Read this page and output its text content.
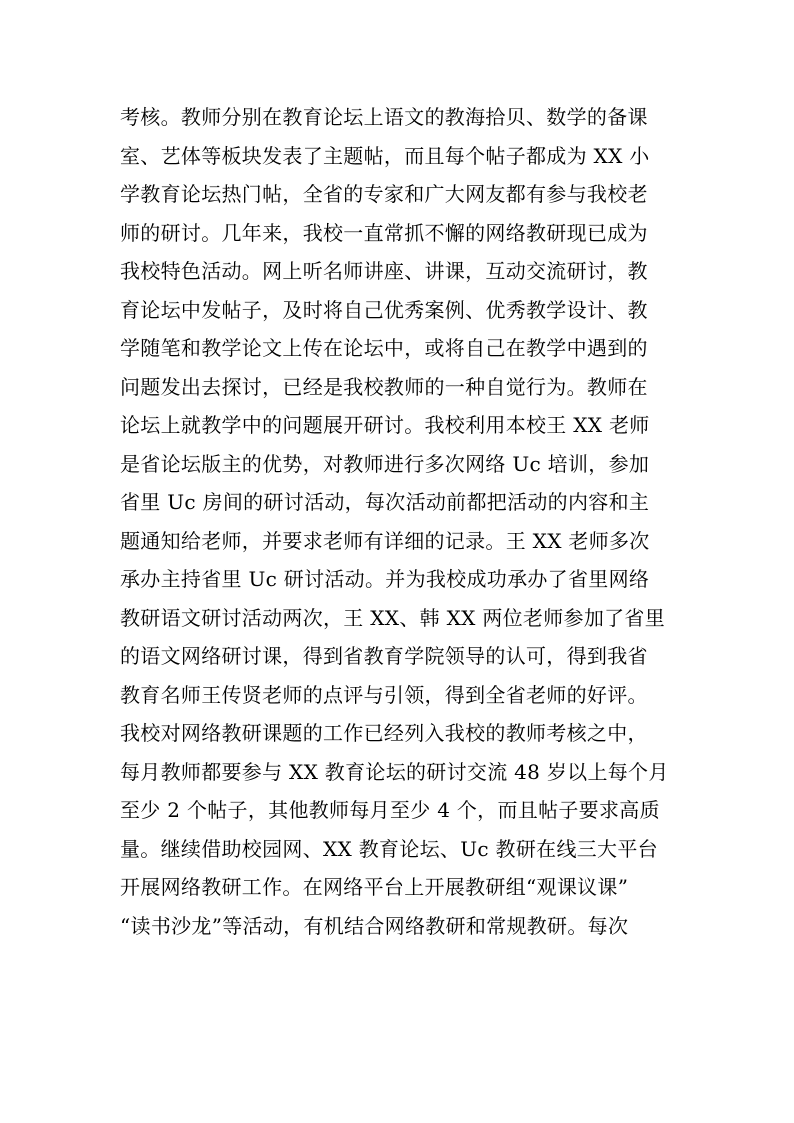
考核。教师分别在教育论坛上语文的教海拾贝、数学的备课
室、艺体等板块发表了主题帖，而且每个帖子都成为 XX 小
学教育论坛热门帖，全省的专家和广大网友都有参与我校老
师的研讨。几年来，我校一直常抓不懈的网络教研现已成为
我校特色活动。网上听名师讲座、讲课，互动交流研讨，教
育论坛中发帖子，及时将自己优秀案例、优秀教学设计、教
学随笔和教学论文上传在论坛中，或将自己在教学中遇到的
问题发出去探讨，已经是我校教师的一种自觉行为。教师在
论坛上就教学中的问题展开研讨。我校利用本校王 XX 老师
是省论坛版主的优势，对教师进行多次网络 Uc 培训，参加
省里 Uc 房间的研讨活动，每次活动前都把活动的内容和主
题通知给老师，并要求老师有详细的记录。王 XX 老师多次
承办主持省里 Uc 研讨活动。并为我校成功承办了省里网络
教研语文研讨活动两次，王 XX、韩 XX 两位老师参加了省里
的语文网络研讨课，得到省教育学院领导的认可，得到我省
教育名师王传贤老师的点评与引领，得到全省老师的好评。
我校对网络教研课题的工作已经列入我校的教师考核之中，
每月教师都要参与 XX 教育论坛的研讨交流 48 岁以上每个月
至少 2 个帖子，其他教师每月至少 4 个，而且帖子要求高质
量。继续借助校园网、XX 教育论坛、Uc 教研在线三大平台
开展网络教研工作。在网络平台上开展教研组“观课议课”
“读书沙龙”等活动，有机结合网络教研和常规教研。每次
